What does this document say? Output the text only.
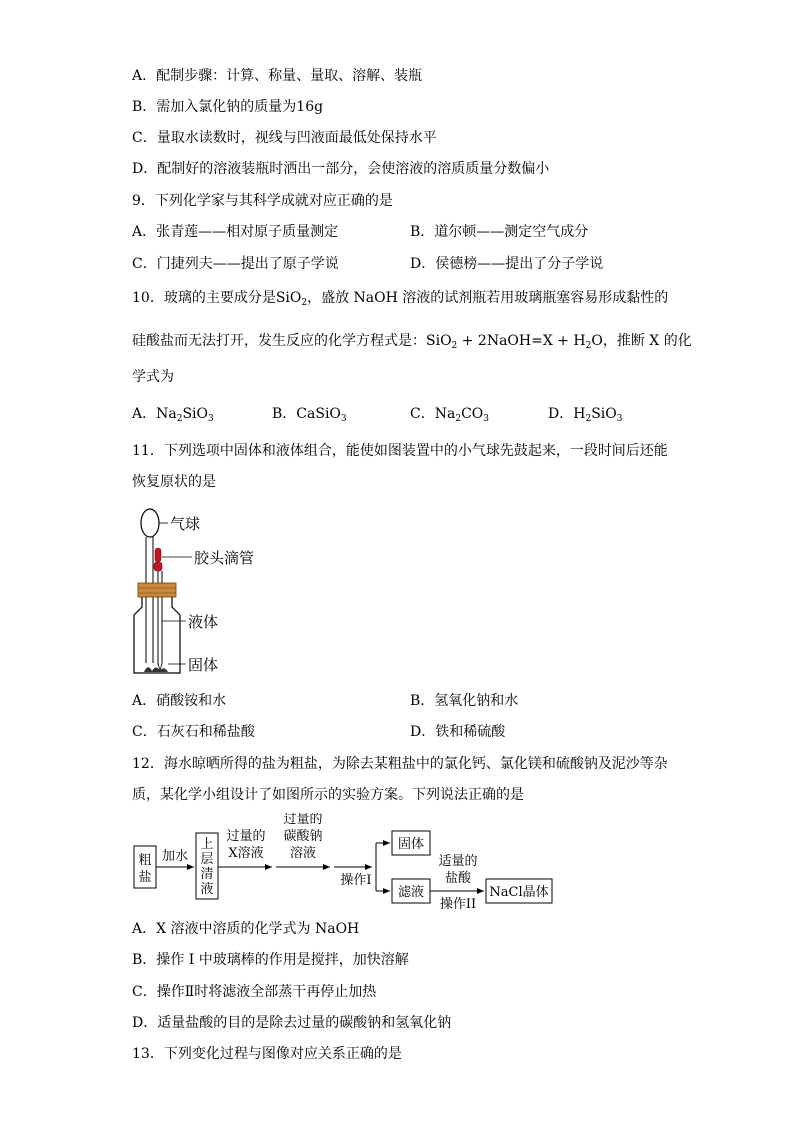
A．配制步骤：计算、称量、量取、溶解、装瓶
B．需加入氯化钠的质量为16g
C．量取水读数时，视线与凹液面最低处保持水平
D．配制好的溶液装瓶时洒出一部分，会使溶液的溶质质量分数偏小
9．下列化学家与其科学成就对应正确的是
A．张青莲——相对原子质量测定	B．道尔顿——测定空气成分
C．门捷列夫——提出了原子学说	D．侯德榜——提出了分子学说
10．玻璃的主要成分是SiO$_2$，盛放 NaOH 溶液的试剂瓶若用玻璃瓶塞容易形成黏性的
硅酸盐而无法打开，发生反应的化学方程式是：SiO$_2$ + 2NaOH=X + $H_2O$，推断 X 的化
学式为
A．$Na_2SiO_3$	B．CaSiO$_3$	C．$Na_2CO_3$	D．$H_2SiO_3$
11．下列选项中固体和液体组合，能使如图装置中的小气球先鼓起来，一段时间后还能
恢复原状的是
气球
胶头滴管
液体
固体
A．硝酸铵和水	B．氢氧化钠和水
C．石灰石和稀盐酸	D．铁和稀硫酸
12．海水晾晒所得的盐为粗盐，为除去某粗盐中的氯化钙、氯化镁和硫酸钠及泥沙等杂
质，某化学小组设计了如图所示的实验方案。下列说法正确的是
粗
盐
加水
上
层
清
液
过量的
X溶液
过量的
碳酸钠
溶液
操作I
固体
滤液
适量的
盐酸
操作II
NaCl晶体
A．X 溶液中溶质的化学式为 NaOH
B．操作 I 中玻璃棒的作用是搅拌，加快溶解
C．操作Ⅱ时将滤液全部蒸干再停止加热
D．适量盐酸的目的是除去过量的碳酸钠和氢氧化钠
13．下列变化过程与图像对应关系正确的是
